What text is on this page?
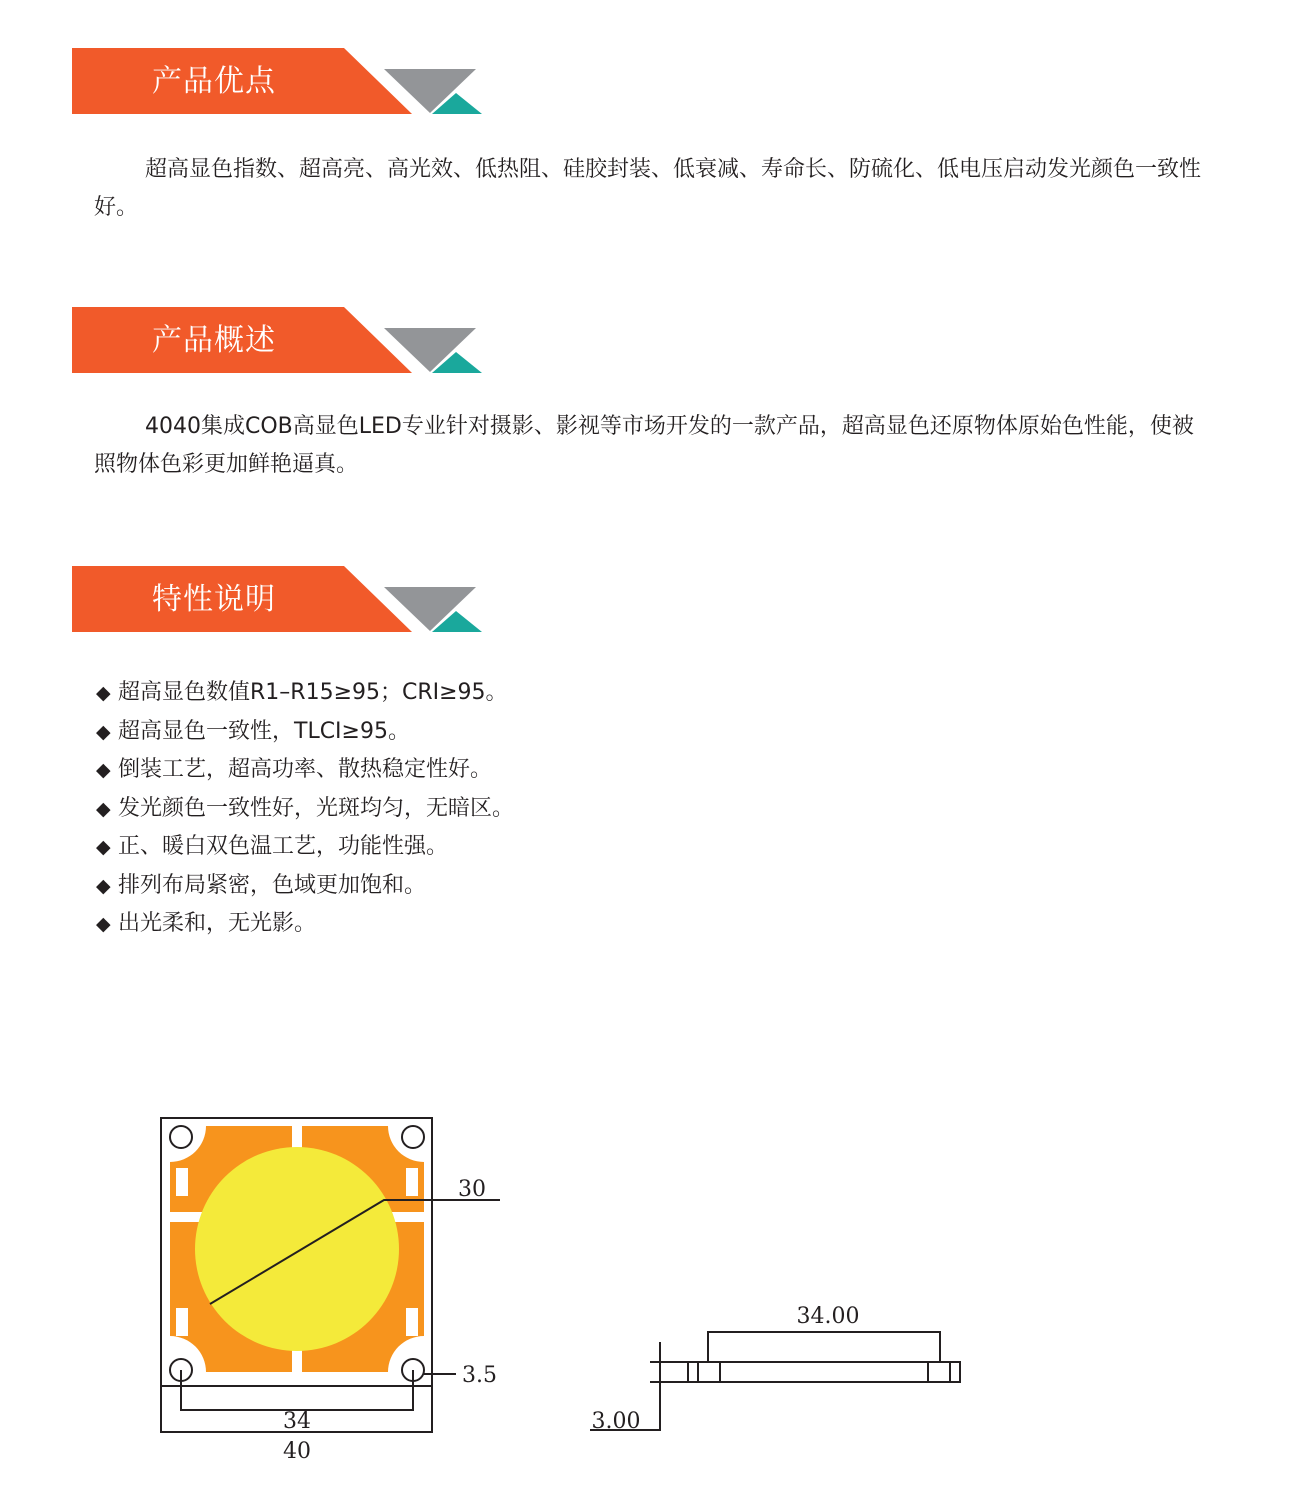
产品优点

超高显色指数、超高亮、高光效、低热阻、硅胶封装、低衰减、寿命长、防硫化、低电压启动发光颜色一致性好。

产品概述

4040集成COB高显色LED专业针对摄影、影视等市场开发的一款产品，超高显色还原物体原始色性能，使被照物体色彩更加鲜艳逼真。

特性说明
◆ 超高显色数值R1–R15≥95；CRI≥95。
◆ 超高显色一致性，TLCI≥95。
◆ 倒装工艺，超高功率、散热稳定性好。
◆ 发光颜色一致性好，光斑均匀，无暗区。
◆ 正、暖白双色温工艺，功能性强。
◆ 排列布局紧密，色域更加饱和。
◆ 出光柔和，无光影。
30
3.5
34
40
34.00
3.00
